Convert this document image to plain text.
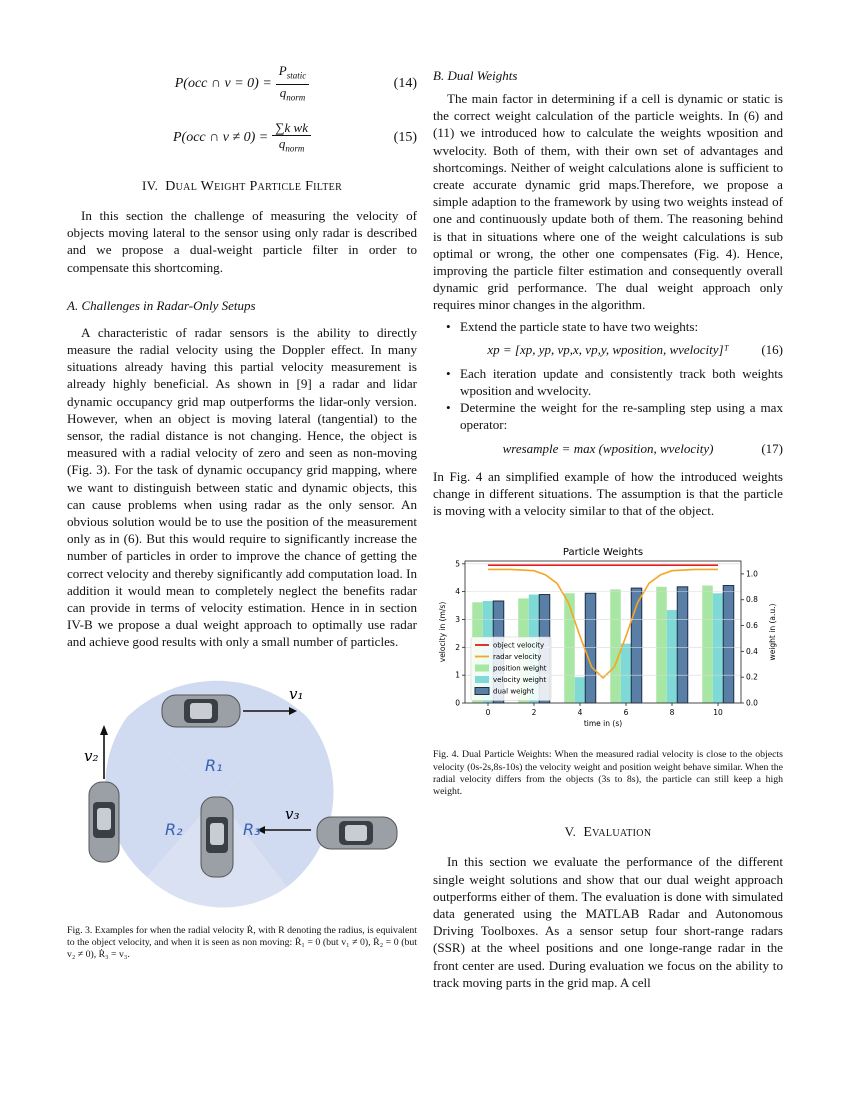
P(occ ∩ $v = 0) = \frac{P_{static}}{q_{norm}}$	(14)
P(occ ∩ $v \ne 0) = \frac{\text{∑k wk}}{q_{norm}}$	(15)
IV. Dual Weight Particle Filter

In this section the challenge of measuring the velocity of objects moving lateral to the sensor using only radar is described and we propose a dual-weight particle filter in order to compensate this shortcoming.

A. Challenges in Radar-Only Setups

A characteristic of radar sensors is the ability to directly measure the radial velocity using the Doppler effect. In many situations already having this partial velocity measurement is already highly beneficial. As shown in [9] a radar and lidar dynamic occupancy grid map outperforms the lidar-only version. However, when an object is moving lateral (tangential) to the sensor, the radial distance is not changing. Hence, the object is measured with a radial velocity of zero and seen as non-moving (Fig. 3). For the task of dynamic occupancy grid mapping, where we want to distinguish between static and dynamic objects, this can cause problems when using radar as the only sensor. An obvious solution would be to use the position of the measurement only as in (6). But this would require to significantly increase the number of particles in order to improve the chance of getting the correct velocity and thereby significantly add computation load. In addition it would mean to completely neglect the benefits radar can provide in terms of velocity estimation. Hence in in section IV-B we propose a dual weight approach to optimally use radar and achieve good results with only a small number of particles.

v₁
v₂
v₃
R₁
R₂	R₃
Fig. 3. Examples for when the radial velocity Ṙ, with R denoting the radius, is equivalent to the object velocity, and when it is seen as non moving: Ṙ₁ = 0 (but v₁ ≠ 0), Ṙ₂ = 0 (but v₂ ≠ 0), Ṙ₃ = v₃.
B. Dual Weights

The main factor in determining if a cell is dynamic or static is the correct weight calculation of the particle weights. In (6) and (11) we introduced how to calculate the weights wposition and wvelocity. Both of them, with their own set of advantages and shortcomings. Neither of weight calculations alone is sufficient to create accurate dynamic grid maps.Therefore, we propose a simple adaption to the framework by using two weights instead of one and continuously update both of them. The reasoning behind is that in situations where one of the weight calculations is sub optimal or wrong, the other one compensates (Fig. 4). Hence, improving the particle filter estimation and consequently overall dynamic grid performance. The dual weight approach only requires minor changes in the algorithm.

• Extend the particle state to have two weights:
xp = [xp, yp, vp,x, vp,y, wposition, wvelocity]ᵀ	(16)
• Each iteration update and consistently track both weights wposition and wvelocity.
• Determine the weight for the re-sampling step using a max operator:
wresample = max (wposition, wvelocity)	(17)

In Fig. 4 an simplified example of how the introduced weights change in different situations. The assumption is that the particle is moving with a velocity similar to that of the object.

Particle Weights
0	2	4	6	8	10
0
1
2
3
4
5
0.0
0.2
0.4
0.6
0.8
1.0
time in (s)
velocity in (m/s)	weight in (a.u.)
object velocity
radar velocity
position weight
velocity weight
dual weight
Fig. 4. Dual Particle Weights: When the measured radial velocity is close to the objects velocity (0s-2s,8s-10s) the velocity weight and position weight behave similar. When the radial velocity differs from the objects (3s to 8s), the particle can still keep a high weight.
V. Evaluation

In this section we evaluate the performance of the different single weight solutions and show that our dual weight approach outperforms either of them. The evaluation is done with simulated data generated using the MATLAB Radar and Autonomous Driving Toolboxes. As a sensor setup four short-range radars (SSR) at the wheel positions and one longe-range radar in the front center are used. During evaluation we focus on the ability to track moving parts in the grid map. A cell
